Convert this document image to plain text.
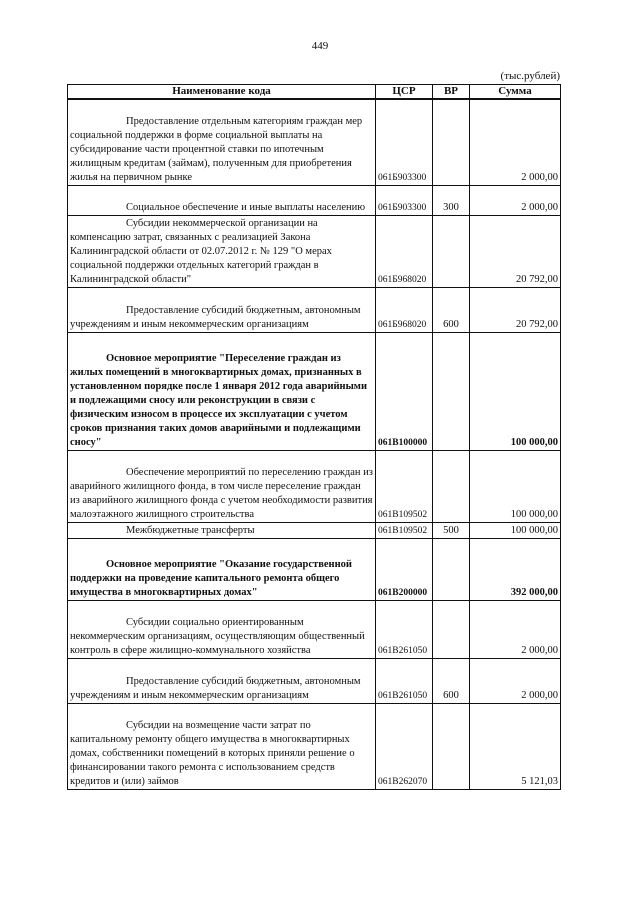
449
(тыс.рублей)
Наименование кода	ЦСР	ВР	Сумма
Предоставление отдельным категориям граждан мер социальной поддержки в форме социальной выплаты на субсидирование части процентной ставки по ипотечным жилищным кредитам (займам), полученным для приобретения жилья на первичном рынке	061Б903300		2 000,00
Социальное обеспечение и иные выплаты населению	061Б903300	300	2 000,00
Субсидии некоммерческой организации на компенсацию затрат, связанных с реализацией Закона Калининградской области от 02.07.2012 г. № 129 "О мерах социальной поддержки отдельных категорий граждан в Калининградской области"	061Б968020		20 792,00
Предоставление субсидий бюджетным, автономным учреждениям и иным некоммерческим организациям	061Б968020	600	20 792,00
Основное мероприятие "Переселение граждан из жилых помещений в многоквартирных домах, признанных в установленном порядке после 1 января 2012 года аварийными и подлежащими сносу или реконструкции в связи с физическим износом в процессе их эксплуатации с учетом сроков признания таких домов аварийными и подлежащими сносу"	061В100000		100 000,00
Обеспечение мероприятий по переселению граждан из аварийного жилищного фонда, в том числе переселение граждан из аварийного жилищного фонда с учетом необходимости развития малоэтажного жилищного строительства	061В109502		100 000,00
Межбюджетные трансферты	061В109502	500	100 000,00
Основное мероприятие "Оказание государственной поддержки на проведение капитального ремонта общего имущества в многоквартирных домах"	061В200000		392 000,00
Субсидии социально ориентированным некоммерческим организациям, осуществляющим общественный контроль в сфере жилищно-коммунального хозяйства	061В261050		2 000,00
Предоставление субсидий бюджетным, автономным учреждениям и иным некоммерческим организациям	061В261050	600	2 000,00
Субсидии на возмещение части затрат по капитальному ремонту общего имущества в многоквартирных домах, собственники помещений в которых приняли решение о финансировании такого ремонта с использованием средств кредитов и (или) займов	061В262070		5 121,03
